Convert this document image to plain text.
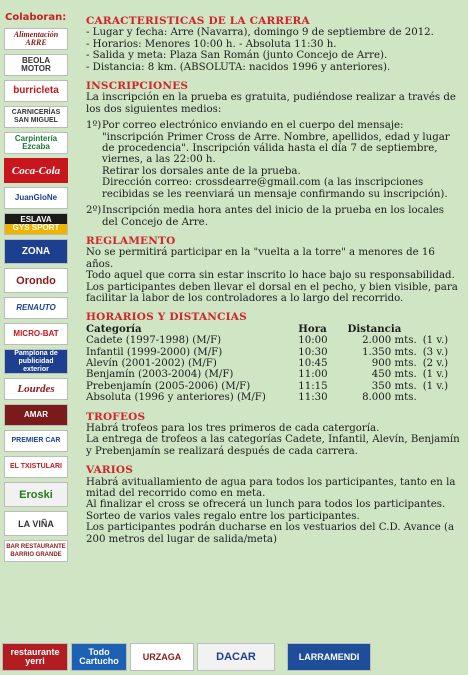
Colaboran:
Alimentación
ARRE
BEOLA
MOTOR
burricleta
CARNICERÍAS
SAN MIGUEL
Carpintería
Ezcaba
Coca-Cola
JuanGloNe
ESLAVA
GYS SPORT
ZONA
Orondo
RENAUTO
MICRO-BAT
Pamplona de
publicidad exterior
Lourdes
AMAR
PREMIER CAR
EL TXISTULARI
Eroski
LA VIÑA
BAR RESTAURANTE
BARRIO GRANDE

CARACTERISTICAS DE LA CARRERA

- Lugar y fecha: Arre (Navarra), domingo 9 de septiembre de 2012.

- Horarios: Menores 10:00 h. - Absoluta 11:30 h.

- Salida y meta: Plaza San Román (junto Concejo de Arre).

- Distancia: 8 km. (ABSOLUTA: nacidos 1996 y anteriores).

INSCRIPCIONES

La inscripción en la prueba es gratuita, pudiéndose realizar a través de los dos siguientes medios:

1º) Por correo electrónico enviando en el cuerpo del mensaje: "inscripción Primer Cross de Arre. Nombre, apellidos, edad y lugar de procedencia". Inscripción válida hasta el día 7 de septiembre, viernes, a las 22:00 h.
Retirar los dorsales ante de la prueba.
Dirección correo: crossdearre@gmail.com (a las inscripciones recibidas se les reenviará un mensaje confirmando su inscripción).
2º) Inscripción media hora antes del inicio de la prueba en los locales del Concejo de Arre.

REGLAMENTO

No se permitirá participar en la "vuelta a la torre" a menores de 16 años.

Todo aquel que corra sin estar inscrito lo hace bajo su responsabilidad.

Los participantes deben llevar el dorsal en el pecho, y bien visible, para facilitar la labor de los controladores a lo largo del recorrido.

HORARIOS Y DISTANCIAS

Categoría	Hora	Distancia	
Cadete (1997-1998) (M/F)	10:00	2.000 mts.	(1 v.)
Infantil (1999-2000) (M/F)	10:30	1.350 mts.	(3 v.)
Alevín (2001-2002) (M/F)	10:45	900 mts.	(2 v.)
Benjamín (2003-2004) (M/F)	11:00	450 mts.	(1 v.)
Prebenjamín (2005-2006) (M/F)	11:15	350 mts.	(1 v.)
Absoluta (1996 y anteriores) (M/F)	11:30	8.000 mts.	

TROFEOS

Habrá trofeos para los tres primeros de cada catergoría.

La entrega de trofeos a las categorías Cadete, Infantil, Alevín, Benjamín y Prebenjamín se realizará después de cada carrera.

VARIOS

Habrá avituallamiento de agua para todos los participantes, tanto en la mitad del recorrido como en meta.

Al finalizar el cross se ofrecerá un lunch para todos los participantes.

Sorteo de varios vales regalo entre los participantes.

Los participantes podrán ducharse en los vestuarios del C.D. Avance (a 200 metros del lugar de salida/meta)

restaurante
yerri
Todo
Cartucho	URZAGA	DACAR	LARRAMENDI
